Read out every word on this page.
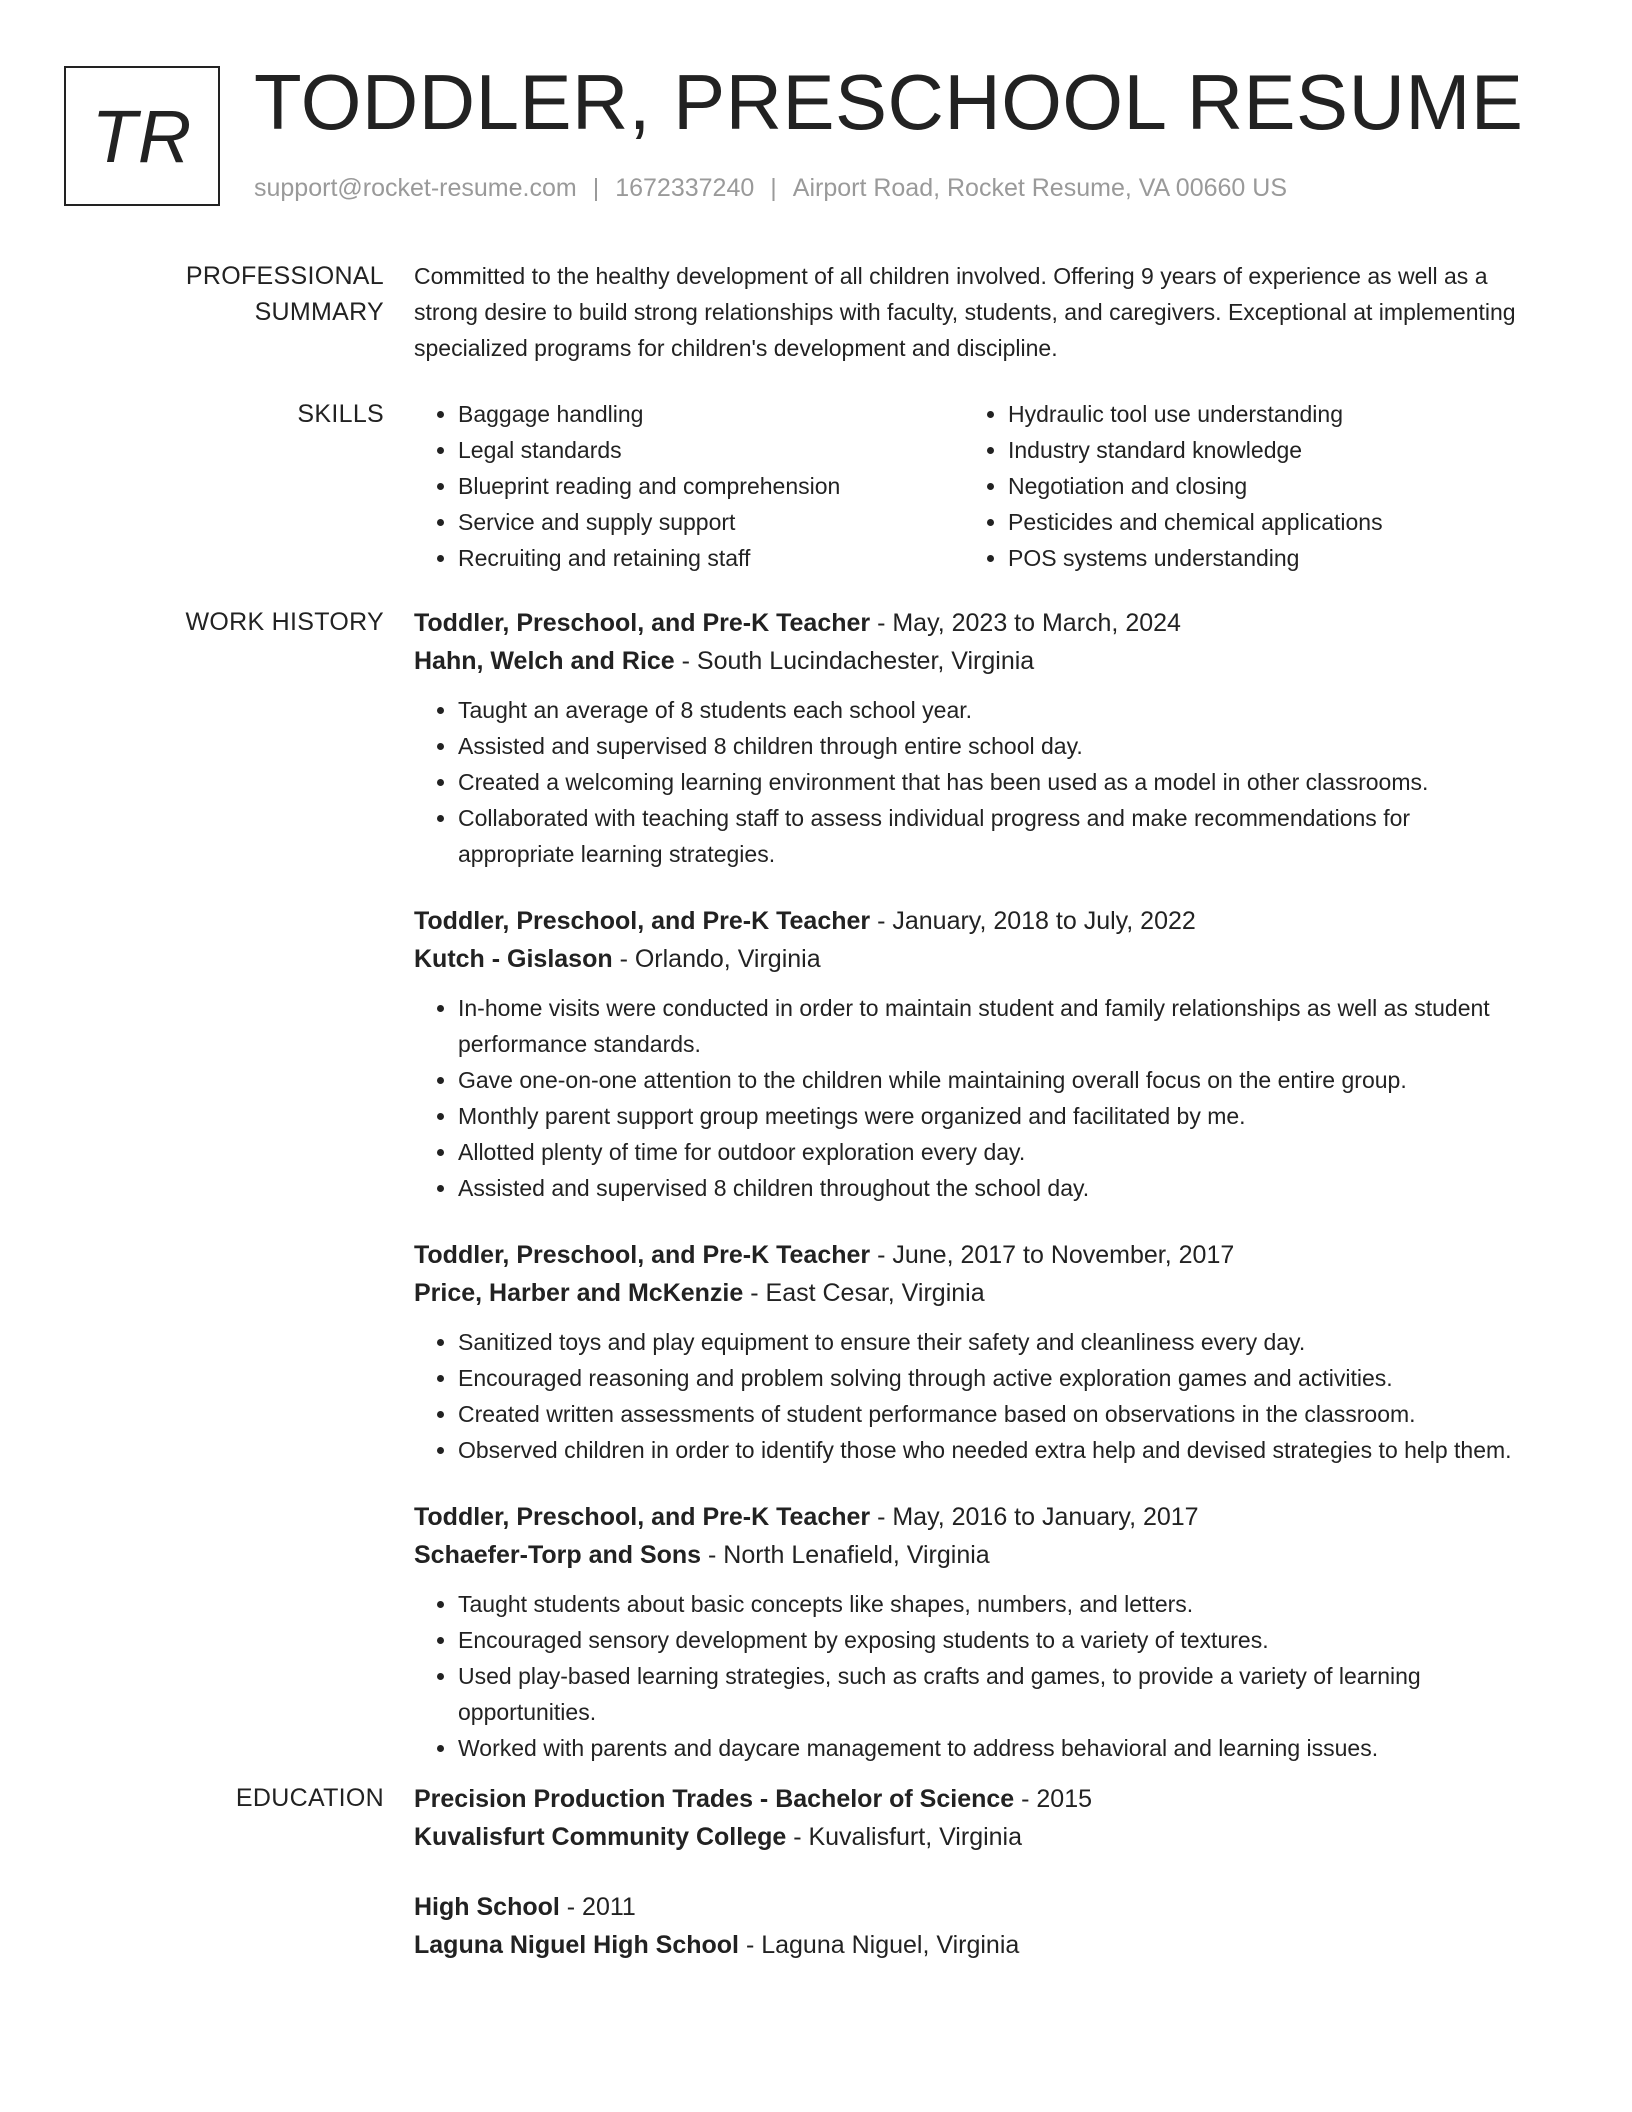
TR TODDLER, PRESCHOOL RESUME
support@rocket-resume.com | 1672337240 | Airport Road, Rocket Resume, VA 00660 US
PROFESSIONAL SUMMARY

Committed to the healthy development of all children involved. Offering 9 years of experience as well as a strong desire to build strong relationships with faculty, students, and caregivers. Exceptional at implementing specialized programs for children's development and discipline.

SKILLS
•	Baggage handling
• Legal standards
• Blueprint reading and comprehension
• Service and supply support
• Recruiting and retaining staff
• Hydraulic tool use understanding
• Industry standard knowledge
• Negotiation and closing
• Pesticides and chemical applications
• POS systems understanding
WORK HISTORY	Toddler, Preschool, and Pre-K Teacher - May, 2023 to March, 2024
Hahn, Welch and Rice - South Lucindachester, Virginia
• Taught an average of 8 students each school year.
• Assisted and supervised 8 children through entire school day.
• Created a welcoming learning environment that has been used as a model in other classrooms.
• Collaborated with teaching staff to assess individual progress and make recommendations for appropriate learning strategies.
Toddler, Preschool, and Pre-K Teacher - January, 2018 to July, 2022
Kutch - Gislason - Orlando, Virginia
• In-home visits were conducted in order to maintain student and family relationships as well as student performance standards.
• Gave one-on-one attention to the children while maintaining overall focus on the entire group.
• Monthly parent support group meetings were organized and facilitated by me.
• Allotted plenty of time for outdoor exploration every day.
• Assisted and supervised 8 children throughout the school day.
Toddler, Preschool, and Pre-K Teacher - June, 2017 to November, 2017
Price, Harber and McKenzie - East Cesar, Virginia
• Sanitized toys and play equipment to ensure their safety and cleanliness every day.
• Encouraged reasoning and problem solving through active exploration games and activities.
• Created written assessments of student performance based on observations in the classroom.
• Observed children in order to identify those who needed extra help and devised strategies to help them.
Toddler, Preschool, and Pre-K Teacher - May, 2016 to January, 2017
Schaefer-Torp and Sons - North Lenafield, Virginia
• Taught students about basic concepts like shapes, numbers, and letters.
• Encouraged sensory development by exposing students to a variety of textures.
• Used play-based learning strategies, such as crafts and games, to provide a variety of learning opportunities.
• Worked with parents and daycare management to address behavioral and learning issues.
EDUCATION	Precision Production Trades - Bachelor of Science - 2015
Kuvalisfurt Community College - Kuvalisfurt, Virginia
High School - 2011
Laguna Niguel High School - Laguna Niguel, Virginia
